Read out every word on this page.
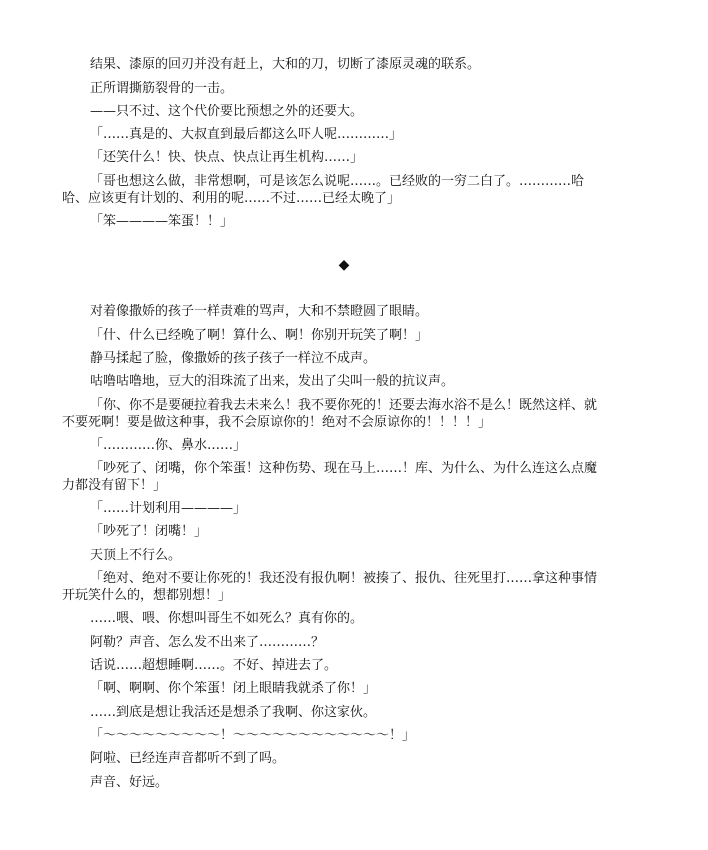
结果、漆原的回刃并没有赶上，大和的刀，切断了漆原灵魂的联系。
正所谓撕筋裂骨的一击。
——只不过、这个代价要比预想之外的还要大。
「……真是的、大叔直到最后都这么吓人呢…………」
「还笑什么！快、快点、快点让再生机构……」
「哥也想这么做，非常想啊，可是该怎么说呢……。已经败的一穷二白了。…………哈哈、应该更有计划的、利用的呢……不过……已经太晚了」
「笨————笨蛋！！」
◆
对着像撒娇的孩子一样责难的骂声，大和不禁瞪圆了眼睛。
「什、什么已经晚了啊！算什么、啊！你别开玩笑了啊！」
静马揉起了脸，像撒娇的孩子孩子一样泣不成声。
咕噜咕噜地，豆大的泪珠流了出来，发出了尖叫一般的抗议声。
「你、你不是要硬拉着我去未来么！我不要你死的！还要去海水浴不是么！既然这样、就不要死啊！要是做这种事，我不会原谅你的！绝对不会原谅你的！！！！」
「…………你、鼻水……」
「吵死了、闭嘴，你个笨蛋！这种伤势、现在马上……！库、为什么、为什么连这么点魔力都没有留下！」
「……计划利用————」
「吵死了！闭嘴！」
天顶上不行么。
「绝对、绝对不要让你死的！我还没有报仇啊！被揍了、报仇、往死里打……拿这种事情开玩笑什么的，想都别想！」
……喂、喂、你想叫哥生不如死么？真有你的。
阿勒？声音、怎么发不出来了…………？
话说……超想睡啊……。不好、掉进去了。
「啊、啊啊、你个笨蛋！闭上眼睛我就杀了你！」
……到底是想让我活还是想杀了我啊、你这家伙。
「～～～～～～～～～！～～～～～～～～～～～～！」
阿啦、已经连声音都听不到了吗。
声音、好远。
